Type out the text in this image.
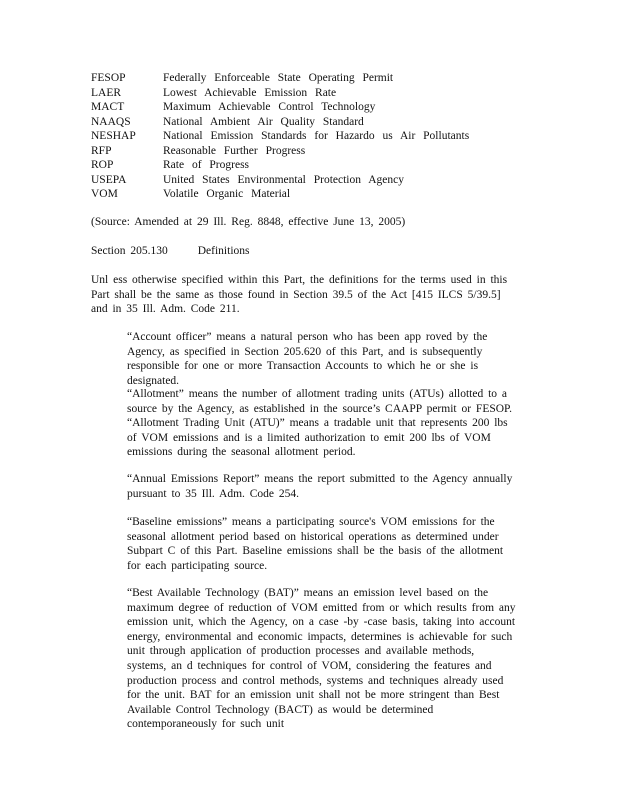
FESOP	Federally Enforceable State Operating Permit
LAER	Lowest Achievable Emission Rate
MACT	Maximum Achievable Control Technology
NAAQS	National Ambient Air Quality Standard
NESHAP	National Emission Standards for Hazardo us Air Pollutants
RFP	Reasonable Further Progress
ROP	Rate of Progress
USEPA	United States Environmental Protection Agency
VOM	Volatile Organic Material

(Source: Amended at 29 Ill. Reg. 8848, effective June 13, 2005)

Section 205.130	Definitions

Unl ess otherwise specified within this Part, the definitions for the terms used in this Part shall be the same as those found in Section 39.5 of the Act [415 ILCS 5/39.5] and in 35 Ill. Adm. Code 211.

“Account officer” means a natural person who has been app roved by the Agency, as specified in Section 205.620 of this Part, and is subsequently responsible for one or more Transaction Accounts to which he or she is designated.

“Allotment” means the number of allotment trading units (ATUs) allotted to a source by the Agency, as established in the source’s CAAPP permit or FESOP.

“Allotment Trading Unit (ATU)” means a tradable unit that represents 200 lbs of VOM emissions and is a limited authorization to emit 200 lbs of VOM emissions during the seasonal allotment period.

“Annual Emissions Report” means the report submitted to the Agency annually pursuant to 35 Ill. Adm. Code 254.

“Baseline emissions” means a participating source's VOM emissions for the seasonal allotment period based on historical operations as determined under Subpart C of this Part. Baseline emissions shall be the basis of the allotment for each participating source.

“Best Available Technology (BAT)” means an emission level based on the maximum degree of reduction of VOM emitted from or which results from any emission unit, which the Agency, on a case -by -case basis, taking into account energy, environmental and economic impacts, determines is achievable for such unit through application of production processes and available methods, systems, an d techniques for control of VOM, considering the features and production process and control methods, systems and techniques already used for the unit. BAT for an emission unit shall not be more stringent than Best Available Control Technology (BACT) as would be determined contemporaneously for such unit
